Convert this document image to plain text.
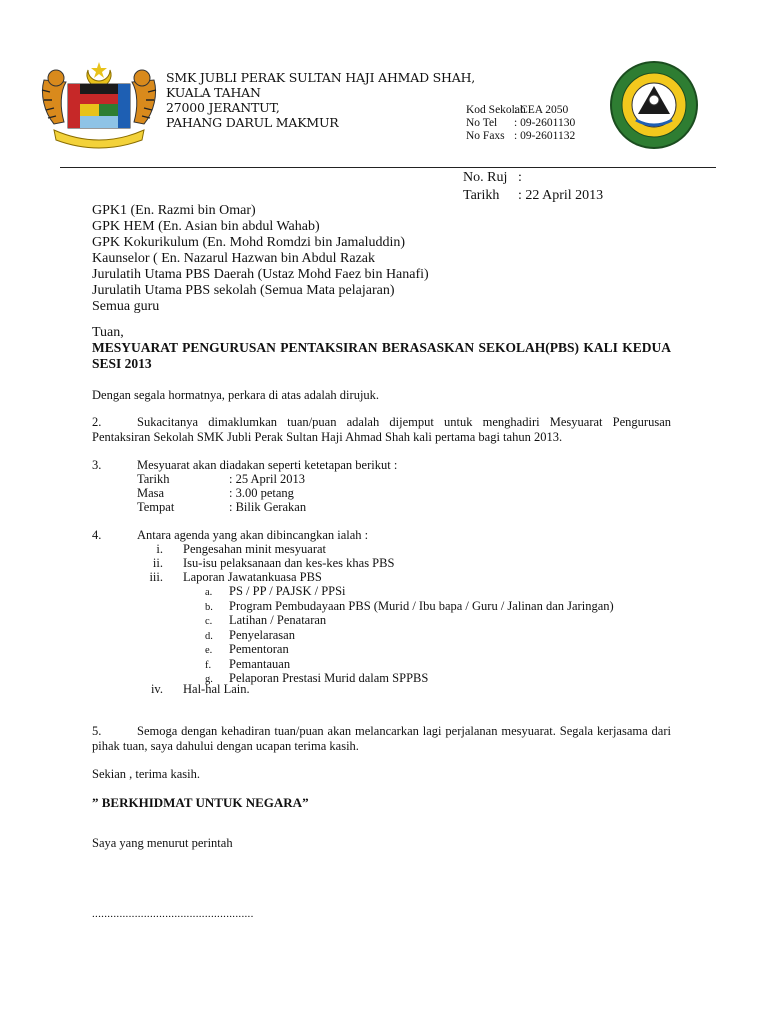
SMK JUBLI PERAK SULTAN HAJI AHMAD SHAH,
KUALA TAHAN
27000 JERANTUT,
PAHANG DARUL MAKMUR
Kod Sekolah: CEA 2050
No Tel : 09-2601130
No Faxs : 09-2601132
No. Ruj :
Tarikh : 22 April 2013
GPK1 (En. Razmi bin Omar)
GPK HEM (En. Asian bin abdul Wahab)
GPK Kokurikulum (En. Mohd Romdzi bin Jamaluddin)
Kaunselor ( En. Nazarul Hazwan bin Abdul Razak
Jurulatih Utama PBS Daerah (Ustaz Mohd Faez bin Hanafi)
Jurulatih Utama PBS sekolah (Semua Mata pelajaran)
Semua guru
Tuan,
MESYUARAT PENGURUSAN PENTAKSIRAN BERASASKAN SEKOLAH(PBS) KALI KEDUA SESI 2013
Dengan segala hormatnya, perkara di atas adalah dirujuk.
2.	Sukacitanya dimaklumkan tuan/puan adalah dijemput untuk menghadiri Mesyuarat Pengurusan Pentaksiran Sekolah SMK Jubli Perak Sultan Haji Ahmad Shah kali pertama bagi tahun 2013.
3.	Mesyuarat akan diadakan seperti ketetapan berikut :
Tarikh	: 25 April 2013
Masa	: 3.00 petang
Tempat	: Bilik Gerakan
4.	Antara agenda yang akan dibincangkan ialah :
i. Pengesahan minit mesyuarat
ii. Isu-isu pelaksanaan dan kes-kes khas PBS
iii. Laporan Jawatankuasa PBS
a. PS / PP / PAJSK / PPSi
b. Program Pembudayaan PBS (Murid / Ibu bapa / Guru / Jalinan dan Jaringan)
c. Latihan / Penataran
d. Penyelarasan
e. Pementoran
f. Pemantauan
g. Pelaporan Prestasi Murid dalam SPPBS
iv. Hal-hal Lain.
5.	Semoga dengan kehadiran tuan/puan akan melancarkan lagi perjalanan mesyuarat. Segala kerjasama dari pihak tuan, saya dahului dengan ucapan terima kasih.
Sekian , terima kasih.
” BERKHIDMAT UNTUK NEGARA”
Saya yang menurut perintah
.....................................................
